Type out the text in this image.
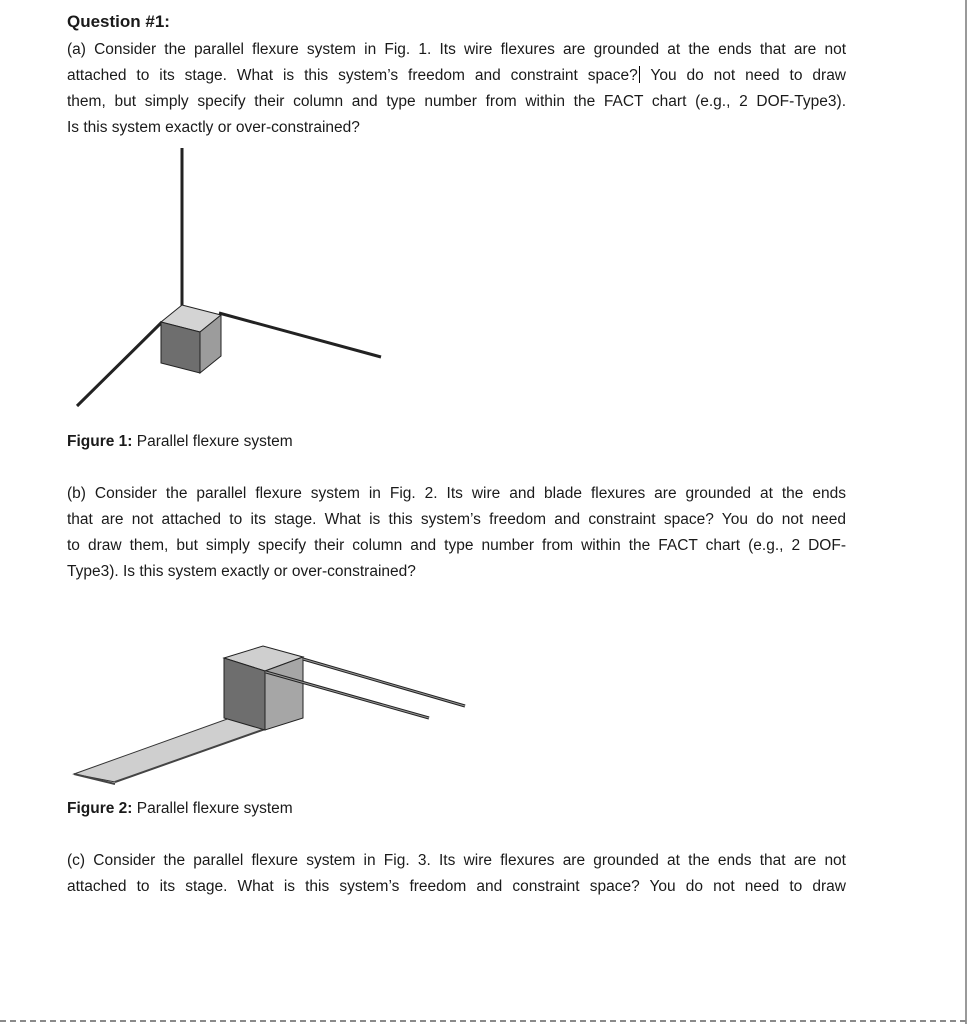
Question #1:
(a) Consider the parallel flexure system in Fig. 1. Its wire flexures are grounded at the ends that are not
attached to its stage. What is this system’s freedom and constraint space? You do not need to draw
them, but simply specify their column and type number from within the FACT chart (e.g., 2 DOF-Type3).
Is this system exactly or over-constrained?
Figure 1: Parallel flexure system
(b) Consider the parallel flexure system in Fig. 2. Its wire and blade flexures are grounded at the ends
that are not attached to its stage. What is this system’s freedom and constraint space? You do not need
to draw them, but simply specify their column and type number from within the FACT chart (e.g., 2 DOF-
Type3). Is this system exactly or over-constrained?
Figure 2: Parallel flexure system
(c) Consider the parallel flexure system in Fig. 3. Its wire flexures are grounded at the ends that are not
attached to its stage. What is this system’s freedom and constraint space? You do not need to draw
